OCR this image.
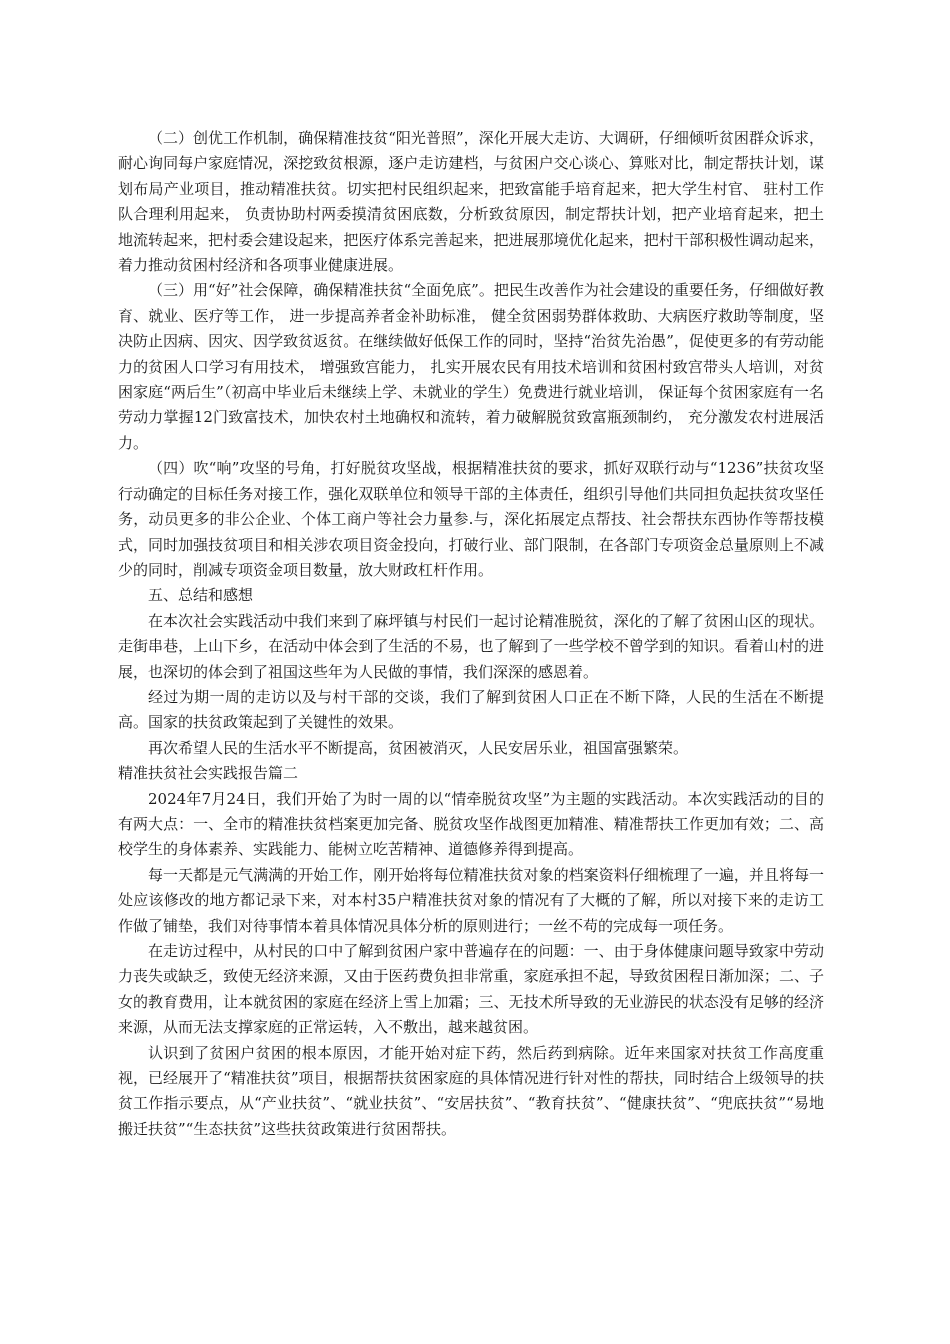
（二）创优工作机制，确保精准技贫“阳光普照”，深化开展大走访、大调研，仔细倾听贫困群众诉求，耐心询同每户家庭情况，深挖致贫根源，逐户走访建档，与贫困户交心谈心、算账对比，制定帮扶计划，谋划布局产业项目，推动精准扶贫。切实把村民组织起来，把致富能手培育起来，把大学生村官、 驻村工作队合理利用起来， 负责协助村两委摸清贫困底数，分析致贫原因，制定帮扶计划，把产业培育起来，把土地流转起来，把村委会建设起来，把医疗体系完善起来，把进展那境优化起来，把村干部积极性调动起来， 着力推动贫困村经济和各项事业健康进展。

（三）用“好”社会保障，确保精准扶贫“全面免底”。把民生改善作为社会建设的重要任务，仔细做好教育、就业、医疗等工作， 进一步提高养者金补助标准， 健全贫困弱势群体救助、大病医疗救助等制度，坚决防止因病、因灾、因学致贫返贫。在继续做好低保工作的同时，坚持“治贫先治愚”，促使更多的有劳动能力的贫困人口学习有用技术， 增强致宫能力， 扎实开展农民有用技术培训和贫困村致宫带头人培训，对贫困家庭“两后生”（初高中毕业后未继续上学、未就业的学生）免费进行就业培训， 保证每个贫困家庭有一名劳动力掌握12门致富技术，加快农村土地确权和流转，着力破解脱贫致富瓶颈制约， 充分激发农村进展活力。

（四）吹“响”攻坚的号角，打好脱贫攻坚战，根据精准扶贫的要求，抓好双联行动与“1236”扶贫攻坚行动确定的目标任务对接工作，强化双联单位和领导干部的主体责任，组织引导他们共同担负起扶贫攻坚任务，动员更多的非公企业、个体工商户等社会力量参.与，深化拓展定点帮技、社会帮扶东西协作等帮技模式，同时加强技贫项目和相关涉农项目资金投向，打破行业、部门限制，在各部门专项资金总量原则上不减少的同时，削减专项资金项目数量，放大财政杠杆作用。

五、总结和感想

在本次社会实践活动中我们来到了麻坪镇与村民们一起讨论精准脱贫，深化的了解了贫困山区的现状。走街串巷，上山下乡，在活动中体会到了生活的不易，也了解到了一些学校不曾学到的知识。看着山村的进展，也深切的体会到了祖国这些年为人民做的事情，我们深深的感恩着。

经过为期一周的走访以及与村干部的交谈，我们了解到贫困人口正在不断下降，人民的生活在不断提高。国家的扶贫政策起到了关键性的效果。

再次希望人民的生活水平不断提高，贫困被消灭，人民安居乐业，祖国富强繁荣。

精准扶贫社会实践报告篇二

2024年7月24日，我们开始了为时一周的以“情牵脱贫攻坚”为主题的实践活动。本次实践活动的目的有两大点：一、全市的精准扶贫档案更加完备、脱贫攻坚作战图更加精准、精准帮扶工作更加有效；二、高校学生的身体素养、实践能力、能树立吃苦精神、道德修养得到提高。

每一天都是元气满满的开始工作，刚开始将每位精准扶贫对象的档案资料仔细梳理了一遍，并且将每一处应该修改的地方都记录下来，对本村35户精准扶贫对象的情况有了大概的了解，所以对接下来的走访工作做了铺垫，我们对待事情本着具体情况具体分析的原则进行；一丝不苟的完成每一项任务。

在走访过程中，从村民的口中了解到贫困户家中普遍存在的问题：一、由于身体健康问题导致家中劳动力丧失或缺乏，致使无经济来源，又由于医药费负担非常重，家庭承担不起，导致贫困程日渐加深；二、子女的教育费用，让本就贫困的家庭在经济上雪上加霜；三、无技术所导致的无业游民的状态没有足够的经济来源，从而无法支撑家庭的正常运转，入不敷出，越来越贫困。

认识到了贫困户贫困的根本原因，才能开始对症下药，然后药到病除。近年来国家对扶贫工作高度重视，已经展开了“精准扶贫”项目，根据帮扶贫困家庭的具体情况进行针对性的帮扶，同时结合上级领导的扶贫工作指示要点，从“产业扶贫”、“就业扶贫”、“安居扶贫”、“教育扶贫”、“健康扶贫”、“兜底扶贫”“易地搬迁扶贫”“生态扶贫”这些扶贫政策进行贫困帮扶。
